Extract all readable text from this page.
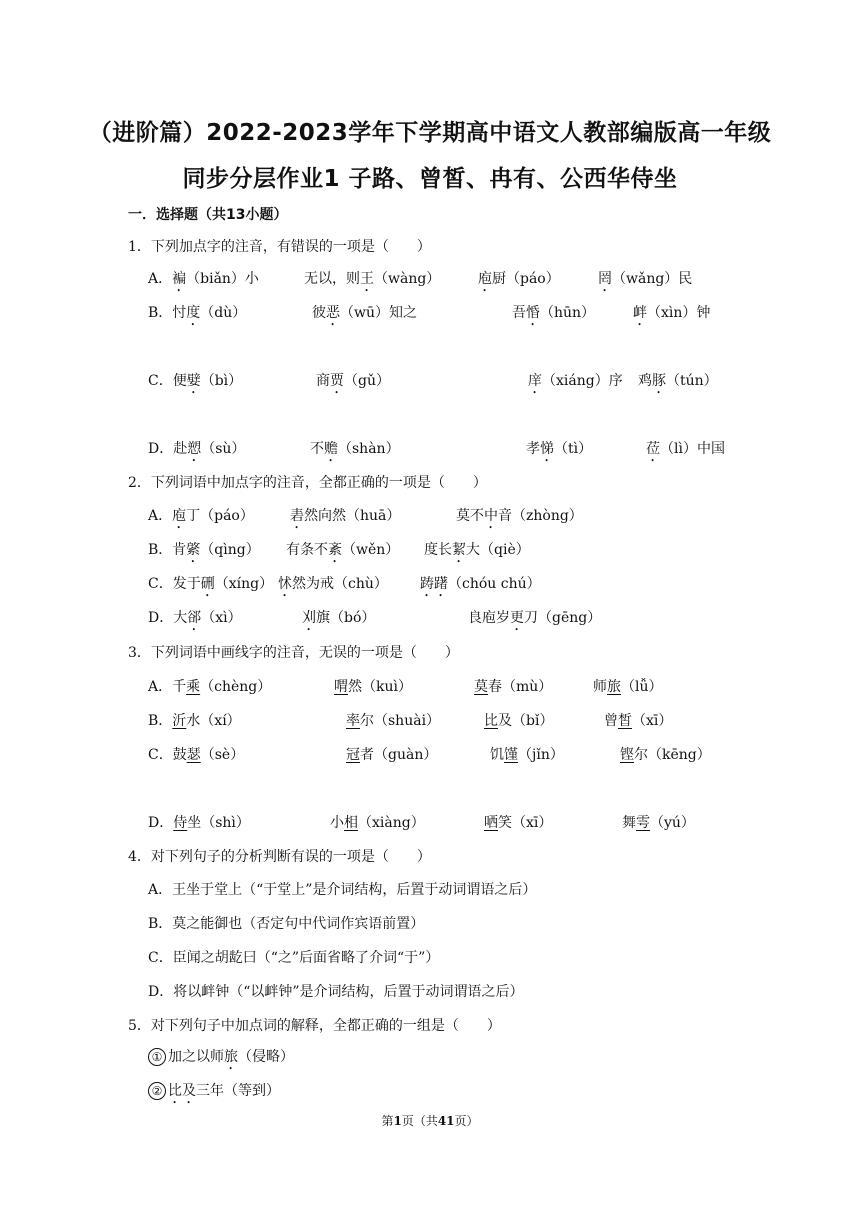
（进阶篇）2022-2023学年下学期高中语文人教部编版高一年级
同步分层作业1 子路、曾皙、冉有、公西华侍坐
一．选择题（共13小题）
1．下列加点字的注音，有错误的一项是（　　）
A．褊（biǎn）小	无以，则王（wàng）	庖厨（páo）	罔（wǎng）民
B．忖度（dù）	彼恶（wū）知之	吾惛（hūn）	衅（xìn）钟
C．便嬖（bì）	商贾（gǔ）	庠（xiáng）序 鸡豚（tún）
D．赴愬（sù）	不赡（shàn）	孝悌（tì）	莅（lì）中国
2．下列词语中加点字的注音，全都正确的一项是（　　）
A．庖丁（páo）	砉然向然（huā）	莫不中音（zhòng）
B．肯綮（qìng） 有条不紊（wěn） 度长絜大（qiè）
C．发于硎（xíng） 怵然为戒（chù） 踌躇（chóu chú）
D．大郤（xì）	刈旗（bó）	良庖岁更刀（gēng）
3．下列词语中画线字的注音，无误的一项是（　　）
A．千乘（chèng）	喟然（kuì）	莫春（mù）	师旅（lǚ）
B．沂水（xí）	率尔（shuài）	比及（bǐ）	曾皙（xī）
C．鼓瑟（sè）	冠者（guàn）	饥馑（jǐn）	铿尔（kēng）
D．侍坐（shì）	小相（xiàng）	哂笑（xī）	舞雩（yú）
4．对下列句子的分析判断有误的一项是（　　）
A．王坐于堂上（“于堂上”是介词结构，后置于动词谓语之后）
B．莫之能御也（否定句中代词作宾语前置）
C．臣闻之胡龁曰（“之”后面省略了介词“于”）
D．将以衅钟（“以衅钟”是介词结构，后置于动词谓语之后）
5．对下列句子中加点词的解释，全都正确的一组是（　　）
① 加之以师旅（侵略）
② 比及三年（等到）
第1页（共41页）
